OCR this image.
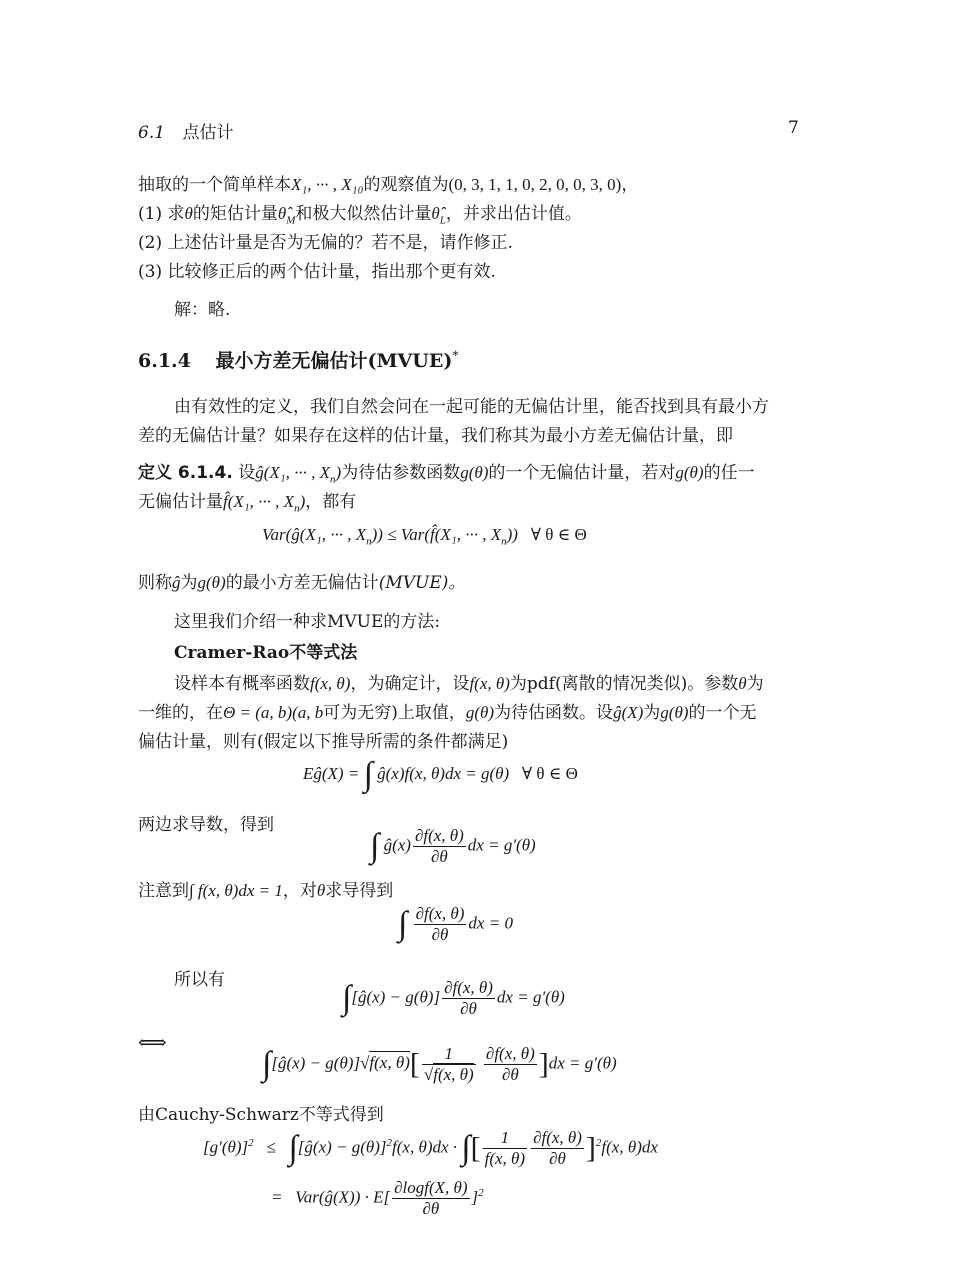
6.1 点估计	7
抽取的一个简单样本X₁, ··· , X₁₀的观察值为(0, 3, 1, 1, 0, 2, 0, 0, 3, 0)，
(1) 求θ的矩估计量$\thetâ_M$和极大似然估计量$\thetâ_L$，并求出估计值。
(2) 上述估计量是否为无偏的？若不是，请作修正.
(3) 比较修正后的两个估计量，指出那个更有效.
解：略.
6.1.4 最小方差无偏估计(MVUE)*
由有效性的定义，我们自然会问在一起可能的无偏估计里，能否找到具有最小方
差的无偏估计量？如果存在这样的估计量，我们称其为最小方差无偏估计量，即
定义 6.1.4. 设ĝ(X₁, ··· , $X_n$)为待估参数函数g(θ)的一个无偏估计量，若对g(θ)的任一
无偏估计量f̂(X₁, ··· , $X_n$)，都有
Var(ĝ(X₁, ··· , $X_n$)) ≤ Var(f̂(X₁, ··· , $X_n$))   ∀ θ ∈ Θ
则称ĝ为g(θ)的最小方差无偏估计(MVUE)。
这里我们介绍一种求MVUE的方法:
Cramer-Rao不等式法
设样本有概率函数f(x, θ)，为确定计，设f(x, θ)为pdf(离散的情况类似)。参数θ为
一维的，在Θ = (a, b)(a, b可为无穷)上取值，g(θ)为待估函数。设ĝ(X)为g(θ)的一个无
偏估计量，则有(假定以下推导所需的条件都满足)
Eĝ(X) = ∫ ĝ(x)f(x, θ)dx = g(θ)   ∀ θ ∈ Θ
两边求导数，得到
∫ ĝ(x) $\frac{\partial f(x, \theta)}{\partial\theta}$ dx = g′(θ)
注意到∫ f(x, θ)dx = 1，对θ求导得到
∫ $\frac{\partial f(x, \theta)}{\partial\theta}$ dx = 0
所以有	∫[ĝ(x) − $g(\theta)] \frac{\partial f(x, \theta)}{\partial\theta}$ dx = g′(θ)
⟺
∫[ĝ(x) − g(θ)]√f(x, $\theta)[ \frac{1}{√f(x, \theta)}$
$\frac{\partial f(x, \theta)}{\partial\theta} ]dx = g'(\theta)$
由Cauchy-Schwarz不等式得到
$[g'(\theta)]^2$   ≤   ∫[ĝ(x) − g(θ)]$^2$f(x, θ)dx · ∫[ $\frac{1}{f(x, \theta)} \frac{\partial f(x, \theta)}{\partial\theta} ]^2f(x$, θ)dx
=   Var(ĝ(X)) · $E[ \frac{\partial\log f(X, \theta)}{\partial\theta} ]^2$
